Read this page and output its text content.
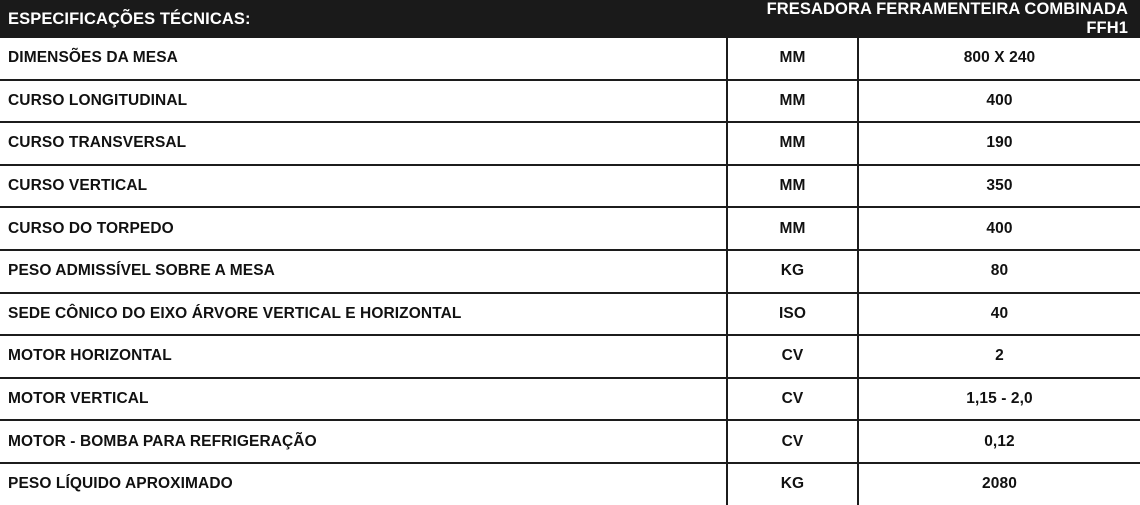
ESPECIFICAÇÕES TÉCNICAS:	FRESADORA FERRAMENTEIRA COMBINADA FFH1	
DIMENSÕES DA MESA	MM	800 X 240
CURSO LONGITUDINAL	MM	400
CURSO TRANSVERSAL	MM	190
CURSO VERTICAL	MM	350
CURSO DO TORPEDO	MM	400
PESO ADMISSÍVEL SOBRE A MESA	KG	80
SEDE CÔNICO DO EIXO ÁRVORE VERTICAL E HORIZONTAL	ISO	40
MOTOR HORIZONTAL	CV	2
MOTOR VERTICAL	CV	1,15 - 2,0
MOTOR - BOMBA PARA REFRIGERAÇÃO	CV	0,12
PESO LÍQUIDO APROXIMADO	KG	2080
